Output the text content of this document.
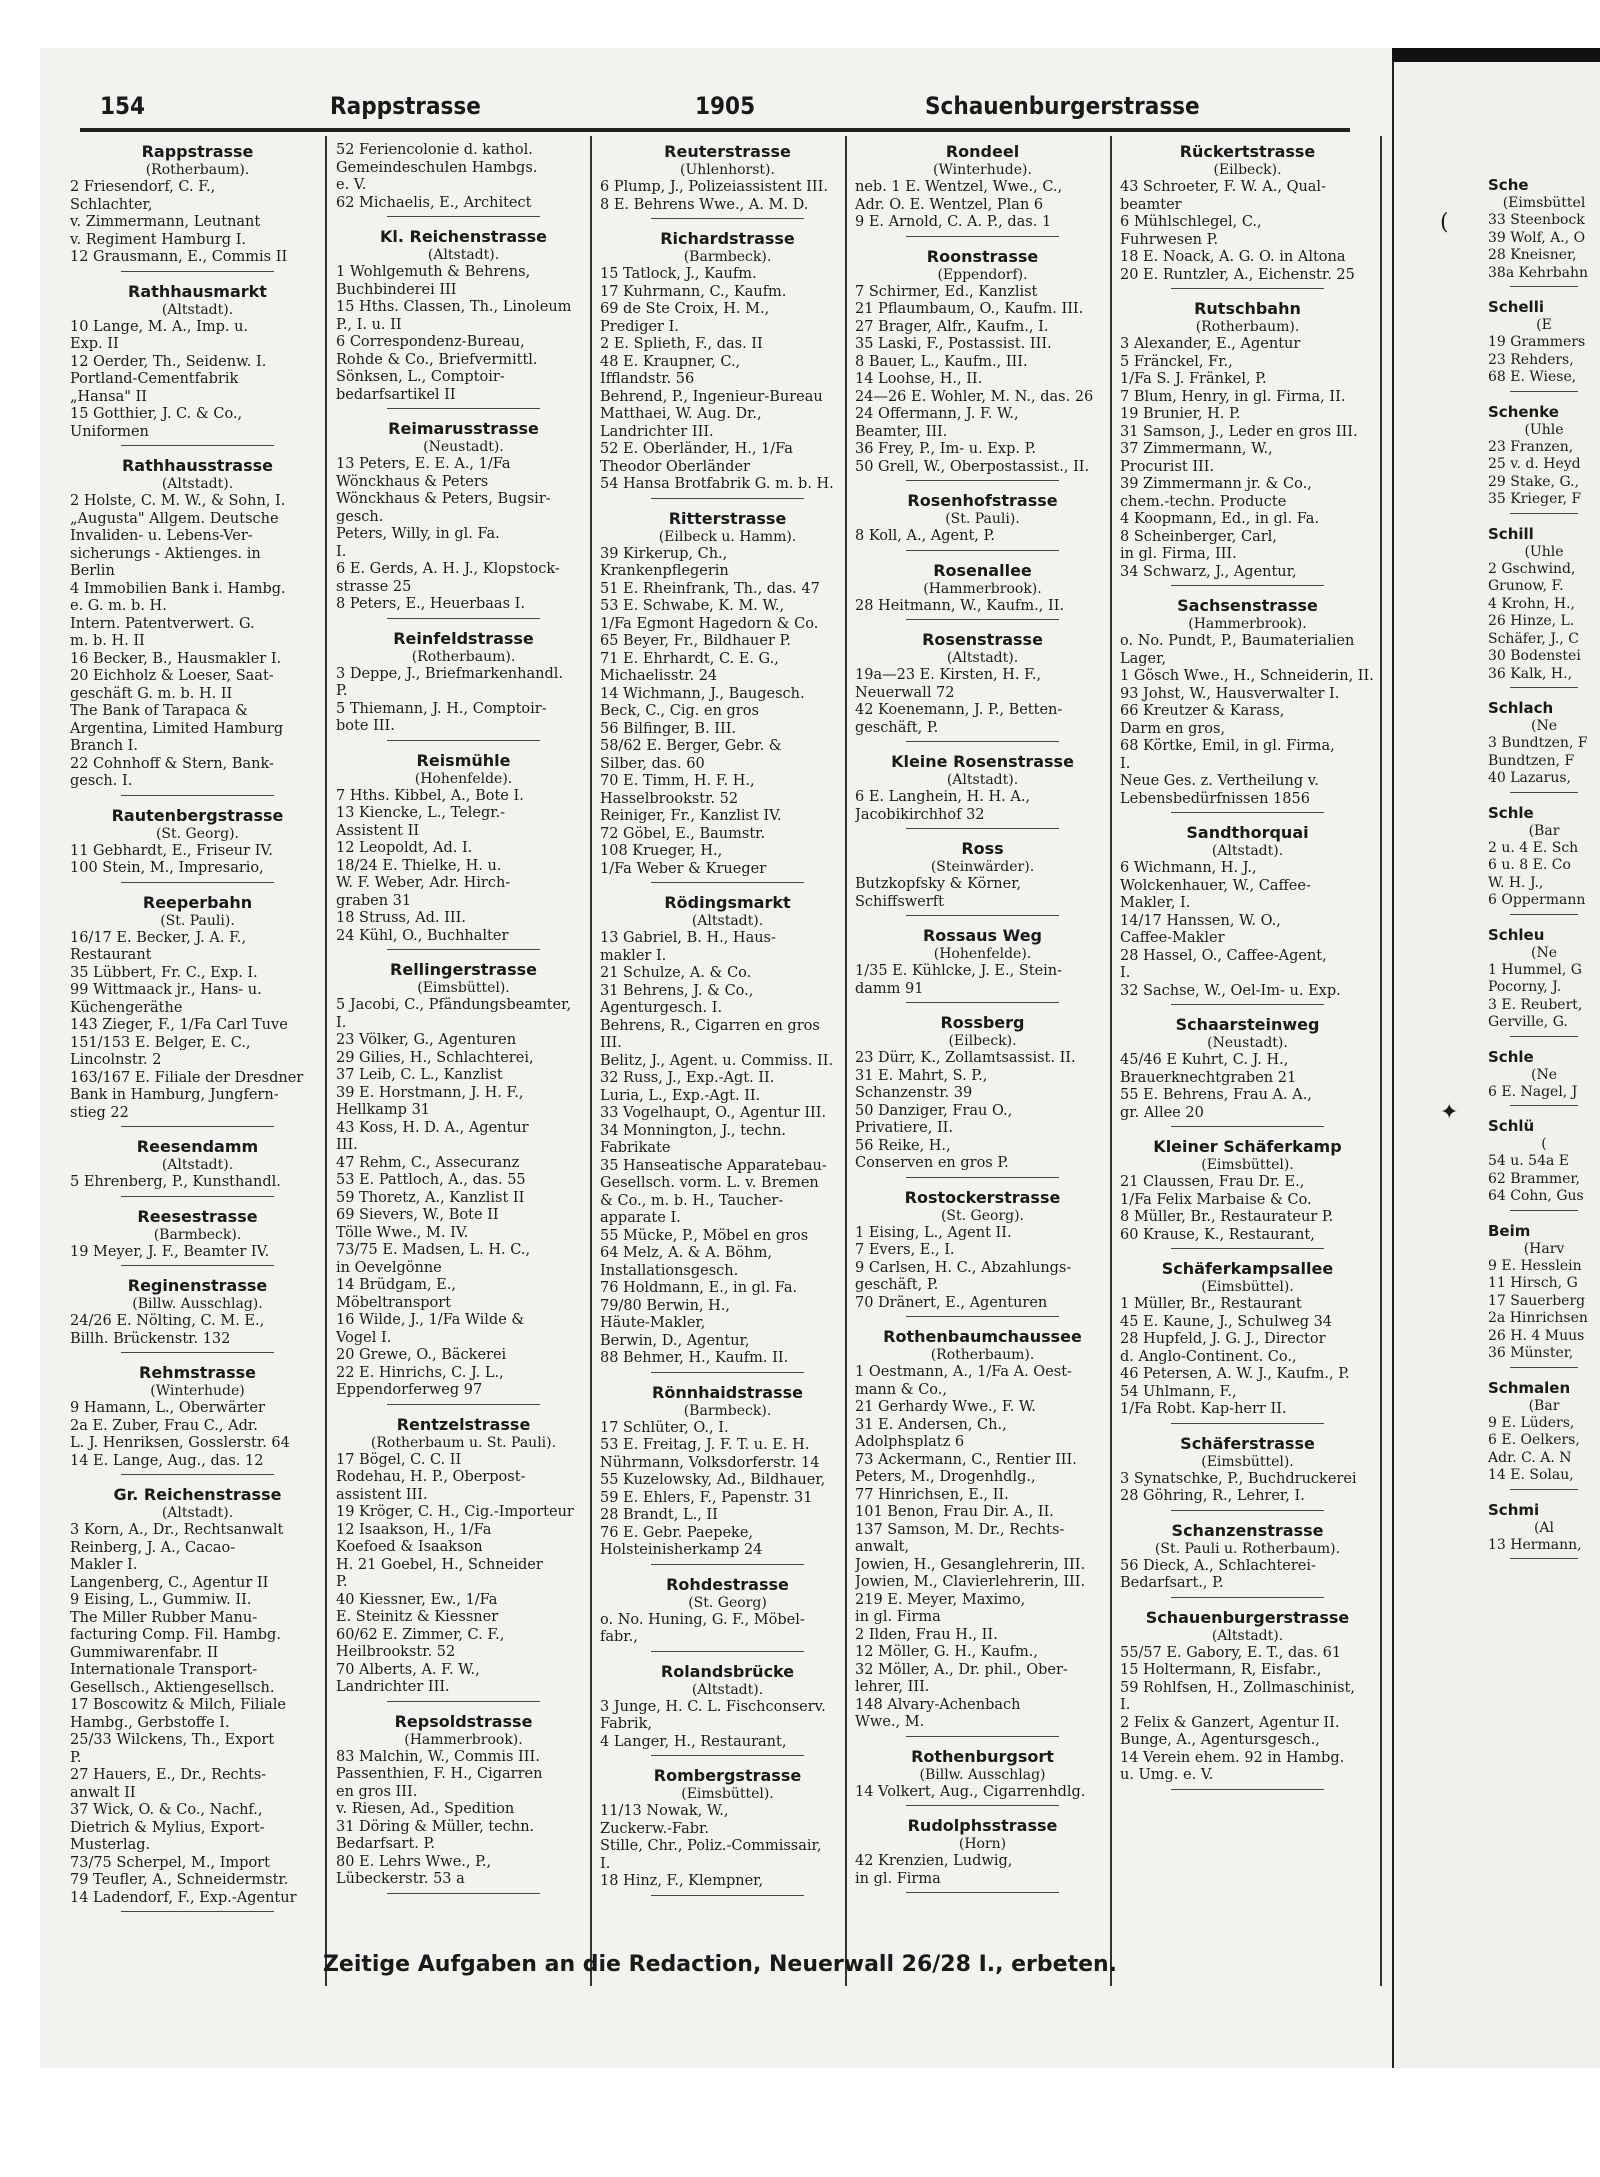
154	Rappstrasse	1905	Schauenburgerstrasse
Rappstrasse
(Rotherbaum).
2 Friesendorf, C. F.,
Schlachter,
v. Zimmermann, Leutnant
v. Regiment Hamburg I.
12 Grausmann, E., Commis II
Rathhausmarkt
(Altstadt).
10 Lange, M. A., Imp. u.
Exp. II
12 Oerder, Th., Seidenw. I.
Portland-Cementfabrik
„Hansa" II
15 Gotthier, J. C. & Co.,
Uniformen
Rathhausstrasse
(Altstadt).
2 Holste, C. M. W., & Sohn, I.
„Augusta" Allgem. Deutsche
Invaliden- u. Lebens-Ver-
sicherungs - Aktienges. in
Berlin
4 Immobilien Bank i. Hambg.
e. G. m. b. H.
Intern. Patentverwert. G.
m. b. H. II
16 Becker, B., Hausmakler I.
20 Eichholz & Loeser, Saat-
geschäft G. m. b. H. II
The Bank of Tarapaca &
Argentina, Limited Hamburg
Branch I.
22 Cohnhoff & Stern, Bank-
gesch. I.
Rautenbergstrasse
(St. Georg).
11 Gebhardt, E., Friseur IV.
100 Stein, M., Impresario,
Reeperbahn
(St. Pauli).
16/17 E. Becker, J. A. F.,
Restaurant
35 Lübbert, Fr. C., Exp. I.
99 Wittmaack jr., Hans- u.
Küchengeräthe
143 Zieger, F., 1/Fa Carl Tuve
151/153 E. Belger, E. C.,
Lincolnstr. 2
163/167 E. Filiale der Dresdner
Bank in Hamburg, Jungfern-
stieg 22
Reesendamm
(Altstadt).
5 Ehrenberg, P., Kunsthandl.
Reesestrasse
(Barmbeck).
19 Meyer, J. F., Beamter IV.
Reginenstrasse
(Billw. Ausschlag).
24/26 E. Nölting, C. M. E.,
Billh. Brückenstr. 132
Rehmstrasse
(Winterhude)
9 Hamann, L., Oberwärter
2a E. Zuber, Frau C., Adr.
L. J. Henriksen, Gosslerstr. 64
14 E. Lange, Aug., das. 12
Gr. Reichenstrasse
(Altstadt).
3 Korn, A., Dr., Rechtsanwalt
Reinberg, J. A., Cacao-
Makler I.
Langenberg, C., Agentur II
9 Eising, L., Gummiw. II.
The Miller Rubber Manu-
facturing Comp. Fil. Hambg.
Gummiwarenfabr. II
Internationale Transport-
Gesellsch., Aktiengesellsch.
17 Boscowitz & Milch, Filiale
Hambg., Gerbstoffe I.
25/33 Wilckens, Th., Export
P.
27 Hauers, E., Dr., Rechts-
anwalt II
37 Wick, O. & Co., Nachf.,
Dietrich & Mylius, Export-
Musterlag.
73/75 Scherpel, M., Import
79 Teufler, A., Schneidermstr.
14 Ladendorf, F., Exp.-Agentur
52 Feriencolonie d. kathol.
Gemeindeschulen Hambgs.
e. V.
62 Michaelis, E., Architect
Kl. Reichenstrasse
(Altstadt).
1 Wohlgemuth & Behrens,
Buchbinderei III
15 Hths. Classen, Th., Linoleum
P., I. u. II
6 Correspondenz-Bureau,
Rohde & Co., Briefvermittl.
Sönksen, L., Comptoir-
bedarfsartikel II
Reimarusstrasse
(Neustadt).
13 Peters, E. E. A., 1/Fa
Wönckhaus & Peters
Wönckhaus & Peters, Bugsir-
gesch.
Peters, Willy, in gl. Fa.
I.
6 E. Gerds, A. H. J., Klopstock-
strasse 25
8 Peters, E., Heuerbaas I.
Reinfeldstrasse
(Rotherbaum).
3 Deppe, J., Briefmarkenhandl.
P.
5 Thiemann, J. H., Comptoir-
bote III.
Reismühle
(Hohenfelde).
7 Hths. Kibbel, A., Bote I.
13 Kiencke, L., Telegr.-
Assistent II
12 Leopoldt, Ad. I.
18/24 E. Thielke, H. u.
W. F. Weber, Adr. Hirch-
graben 31
18 Struss, Ad. III.
24 Kühl, O., Buchhalter
Rellingerstrasse
(Eimsbüttel).
5 Jacobi, C., Pfändungsbeamter,
I.
23 Völker, G., Agenturen
29 Gilies, H., Schlachterei,
37 Leib, C. L., Kanzlist
39 E. Horstmann, J. H. F.,
Hellkamp 31
43 Koss, H. D. A., Agentur
III.
47 Rehm, C., Assecuranz
53 E. Pattloch, A., das. 55
59 Thoretz, A., Kanzlist II
69 Sievers, W., Bote II
Tölle Wwe., M. IV.
73/75 E. Madsen, L. H. C.,
in Oevelgönne
14 Brüdgam, E.,
Möbeltransport
16 Wilde, J., 1/Fa Wilde &
Vogel I.
20 Grewe, O., Bäckerei
22 E. Hinrichs, C. J. L.,
Eppendorferweg 97
Rentzelstrasse
(Rotherbaum u. St. Pauli).
17 Bögel, C. C. II
Rodehau, H. P., Oberpost-
assistent III.
19 Kröger, C. H., Cig.-Importeur
12 Isaakson, H., 1/Fa
Koefoed & Isaakson
H. 21 Goebel, H., Schneider
P.
40 Kiessner, Ew., 1/Fa
E. Steinitz & Kiessner
60/62 E. Zimmer, C. F.,
Heilbrookstr. 52
70 Alberts, A. F. W.,
Landrichter III.
Repsoldstrasse
(Hammerbrook).
83 Malchin, W., Commis III.
Passenthien, F. H., Cigarren
en gros III.
v. Riesen, Ad., Spedition
31 Döring & Müller, techn.
Bedarfsart. P.
80 E. Lehrs Wwe., P.,
Lübeckerstr. 53 a
Reuterstrasse
(Uhlenhorst).
6 Plump, J., Polizeiassistent III.
8 E. Behrens Wwe., A. M. D.
Richardstrasse
(Barmbeck).
15 Tatlock, J., Kaufm.
17 Kuhrmann, C., Kaufm.
69 de Ste Croix, H. M.,
Prediger I.
2 E. Splieth, F., das. II
48 E. Kraupner, C.,
Ifflandstr. 56
Behrend, P., Ingenieur-Bureau
Matthaei, W. Aug. Dr.,
Landrichter III.
52 E. Oberländer, H., 1/Fa
Theodor Oberländer
54 Hansa Brotfabrik G. m. b. H.
Ritterstrasse
(Eilbeck u. Hamm).
39 Kirkerup, Ch.,
Krankenpflegerin
51 E. Rheinfrank, Th., das. 47
53 E. Schwabe, K. M. W.,
1/Fa Egmont Hagedorn & Co.
65 Beyer, Fr., Bildhauer P.
71 E. Ehrhardt, C. E. G.,
Michaelisstr. 24
14 Wichmann, J., Baugesch.
Beck, C., Cig. en gros
56 Bilfinger, B. III.
58/62 E. Berger, Gebr. &
Silber, das. 60
70 E. Timm, H. F. H.,
Hasselbrookstr. 52
Reiniger, Fr., Kanzlist IV.
72 Göbel, E., Baumstr.
108 Krueger, H.,
1/Fa Weber & Krueger
Rödingsmarkt
(Altstadt).
13 Gabriel, B. H., Haus-
makler I.
21 Schulze, A. & Co.
31 Behrens, J. & Co.,
Agenturgesch. I.
Behrens, R., Cigarren en gros
III.
Belitz, J., Agent. u. Commiss. II.
32 Russ, J., Exp.-Agt. II.
Luria, L., Exp.-Agt. II.
33 Vogelhaupt, O., Agentur III.
34 Monnington, J., techn.
Fabrikate
35 Hanseatische Apparatebau-
Gesellsch. vorm. L. v. Bremen
& Co., m. b. H., Taucher-
apparate I.
55 Mücke, P., Möbel en gros
64 Melz, A. & A. Böhm,
Installationsgesch.
76 Holdmann, E., in gl. Fa.
79/80 Berwin, H.,
Häute-Makler,
Berwin, D., Agentur,
88 Behmer, H., Kaufm. II.
Rönnhaidstrasse
(Barmbeck).
17 Schlüter, O., I.
53 E. Freitag, J. F. T. u. E. H.
Nührmann, Volksdorferstr. 14
55 Kuzelowsky, Ad., Bildhauer,
59 E. Ehlers, F., Papenstr. 31
28 Brandt, L., II
76 E. Gebr. Paepeke,
Holsteinisherkamp 24
Rohdestrasse
(St. Georg)
o. No. Huning, G. F., Möbel-
fabr.,
Rolandsbrücke
(Altstadt).
3 Junge, H. C. L. Fischconserv.
Fabrik,
4 Langer, H., Restaurant,
Rombergstrasse
(Eimsbüttel).
11/13 Nowak, W.,
Zuckerw.-Fabr.
Stille, Chr., Poliz.-Commissair,
I.
18 Hinz, F., Klempner,
Rondeel
(Winterhude).
neb. 1 E. Wentzel, Wwe., C.,
Adr. O. E. Wentzel, Plan 6
9 E. Arnold, C. A. P., das. 1
Roonstrasse
(Eppendorf).
7 Schirmer, Ed., Kanzlist
21 Pflaumbaum, O., Kaufm. III.
27 Brager, Alfr., Kaufm., I.
35 Laski, F., Postassist. III.
8 Bauer, L., Kaufm., III.
14 Loohse, H., II.
24—26 E. Wohler, M. N., das. 26
24 Offermann, J. F. W.,
Beamter, III.
36 Frey, P., Im- u. Exp. P.
50 Grell, W., Oberpostassist., II.
Rosenhofstrasse
(St. Pauli).
8 Koll, A., Agent, P.
Rosenallee
(Hammerbrook).
28 Heitmann, W., Kaufm., II.
Rosenstrasse
(Altstadt).
19a—23 E. Kirsten, H. F.,
Neuerwall 72
42 Koenemann, J. P., Betten-
geschäft, P.
Kleine Rosenstrasse
(Altstadt).
6 E. Langhein, H. H. A.,
Jacobikirchhof 32
Ross
(Steinwärder).
Butzkopfsky & Körner,
Schiffswerft
Rossaus Weg
(Hohenfelde).
1/35 E. Kühlcke, J. E., Stein-
damm 91
Rossberg
(Eilbeck).
23 Dürr, K., Zollamtsassist. II.
31 E. Mahrt, S. P.,
Schanzenstr. 39
50 Danziger, Frau O.,
Privatiere, II.
56 Reike, H.,
Conserven en gros P.
Rostockerstrasse
(St. Georg).
1 Eising, L., Agent II.
7 Evers, E., I.
9 Carlsen, H. C., Abzahlungs-
geschäft, P.
70 Dränert, E., Agenturen
Rothenbaumchaussee
(Rotherbaum).
1 Oestmann, A., 1/Fa A. Oest-
mann & Co.,
21 Gerhardy Wwe., F. W.
31 E. Andersen, Ch.,
Adolphsplatz 6
73 Ackermann, C., Rentier III.
Peters, M., Drogenhdlg.,
77 Hinrichsen, E., II.
101 Benon, Frau Dir. A., II.
137 Samson, M. Dr., Rechts-
anwalt,
Jowien, H., Gesanglehrerin, III.
Jowien, M., Clavierlehrerin, III.
219 E. Meyer, Maximo,
in gl. Firma
2 Ilden, Frau H., II.
12 Möller, G. H., Kaufm.,
32 Möller, A., Dr. phil., Ober-
lehrer, III.
148 Alvary-Achenbach
Wwe., M.
Rothenburgsort
(Billw. Ausschlag)
14 Volkert, Aug., Cigarrenhdlg.
Rudolphsstrasse
(Horn)
42 Krenzien, Ludwig,
in gl. Firma
Rückertstrasse
(Eilbeck).
43 Schroeter, F. W. A., Qual-
beamter
6 Mühlschlegel, C.,
Fuhrwesen P.
18 E. Noack, A. G. O. in Altona
20 E. Runtzler, A., Eichenstr. 25
Rutschbahn
(Rotherbaum).
3 Alexander, E., Agentur
5 Fränckel, Fr.,
1/Fa S. J. Fränkel, P.
7 Blum, Henry, in gl. Firma, II.
19 Brunier, H. P.
31 Samson, J., Leder en gros III.
37 Zimmermann, W.,
Procurist III.
39 Zimmermann jr. & Co.,
chem.-techn. Producte
4 Koopmann, Ed., in gl. Fa.
8 Scheinberger, Carl,
in gl. Firma, III.
34 Schwarz, J., Agentur,
Sachsenstrasse
(Hammerbrook).
o. No. Pundt, P., Baumaterialien
Lager,
1 Gösch Wwe., H., Schneiderin, II.
93 Johst, W., Hausverwalter I.
66 Kreutzer & Karass,
Darm en gros,
68 Körtke, Emil, in gl. Firma,
I.
Neue Ges. z. Vertheilung v.
Lebensbedürfnissen 1856
Sandthorquai
(Altstadt).
6 Wichmann, H. J.,
Wolckenhauer, W., Caffee-
Makler, I.
14/17 Hanssen, W. O.,
Caffee-Makler
28 Hassel, O., Caffee-Agent,
I.
32 Sachse, W., Oel-Im- u. Exp.
Schaarsteinweg
(Neustadt).
45/46 E Kuhrt, C. J. H.,
Brauerknechtgraben 21
55 E. Behrens, Frau A. A.,
gr. Allee 20
Kleiner Schäferkamp
(Eimsbüttel).
21 Claussen, Frau Dr. E.,
1/Fa Felix Marbaise & Co.
8 Müller, Br., Restaurateur P.
60 Krause, K., Restaurant,
Schäferkampsallee
(Eimsbüttel).
1 Müller, Br., Restaurant
45 E. Kaune, J., Schulweg 34
28 Hupfeld, J. G. J., Director
d. Anglo-Continent. Co.,
46 Petersen, A. W. J., Kaufm., P.
54 Uhlmann, F.,
1/Fa Robt. Kap-herr II.
Schäferstrasse
(Eimsbüttel).
3 Synatschke, P., Buchdruckerei
28 Göhring, R., Lehrer, I.
Schanzenstrasse
(St. Pauli u. Rotherbaum).
56 Dieck, A., Schlachterei-
Bedarfsart., P.
Schauenburgerstrasse
(Altstadt).
55/57 E. Gabory, E. T., das. 61
15 Holtermann, R, Eisfabr.,
59 Rohlfsen, H., Zollmaschinist,
I.
2 Felix & Ganzert, Agentur II.
Bunge, A., Agentursgesch.,
14 Verein ehem. 92 in Hambg.
u. Umg. e. V.
Sche
(Eimsbüttel
33 Steenbock
39 Wolf, A., O
28 Kneisner,
38a Kehrbahn
Schelli
(E
19 Grammers
23 Rehders,
68 E. Wiese,
Schenke
(Uhle
23 Franzen,
25 v. d. Heyd
29 Stake, G.,
35 Krieger, F
Schill
(Uhle
2 Gschwind,
Grunow, F.
4 Krohn, H.,
26 Hinze, L.
Schäfer, J., C
30 Bodenstei
36 Kalk, H.,
Schlach
(Ne
3 Bundtzen, F
Bundtzen, F
40 Lazarus,
Schle
(Bar
2 u. 4 E. Sch
6 u. 8 E. Co
W. H. J.,
6 Oppermann
Schleu
(Ne
1 Hummel, G
Pocorny, J.
3 E. Reubert,
Gerville, G.
Schle
(Ne
6 E. Nagel, J
Schlü
(
54 u. 54a E
62 Brammer,
64 Cohn, Gus
Beim
(Harv
9 E. Hesslein
11 Hirsch, G
17 Sauerberg
2a Hinrichsen
26 H. 4 Muus
36 Münster,
Schmalen
(Bar
9 E. Lüders,
6 E. Oelkers,
Adr. C. A. N
14 E. Solau,
Schmi
(Al
13 Hermann,
(
✦
Zeitige Aufgaben an die Redaction, Neuerwall 26/28 I., erbeten.
